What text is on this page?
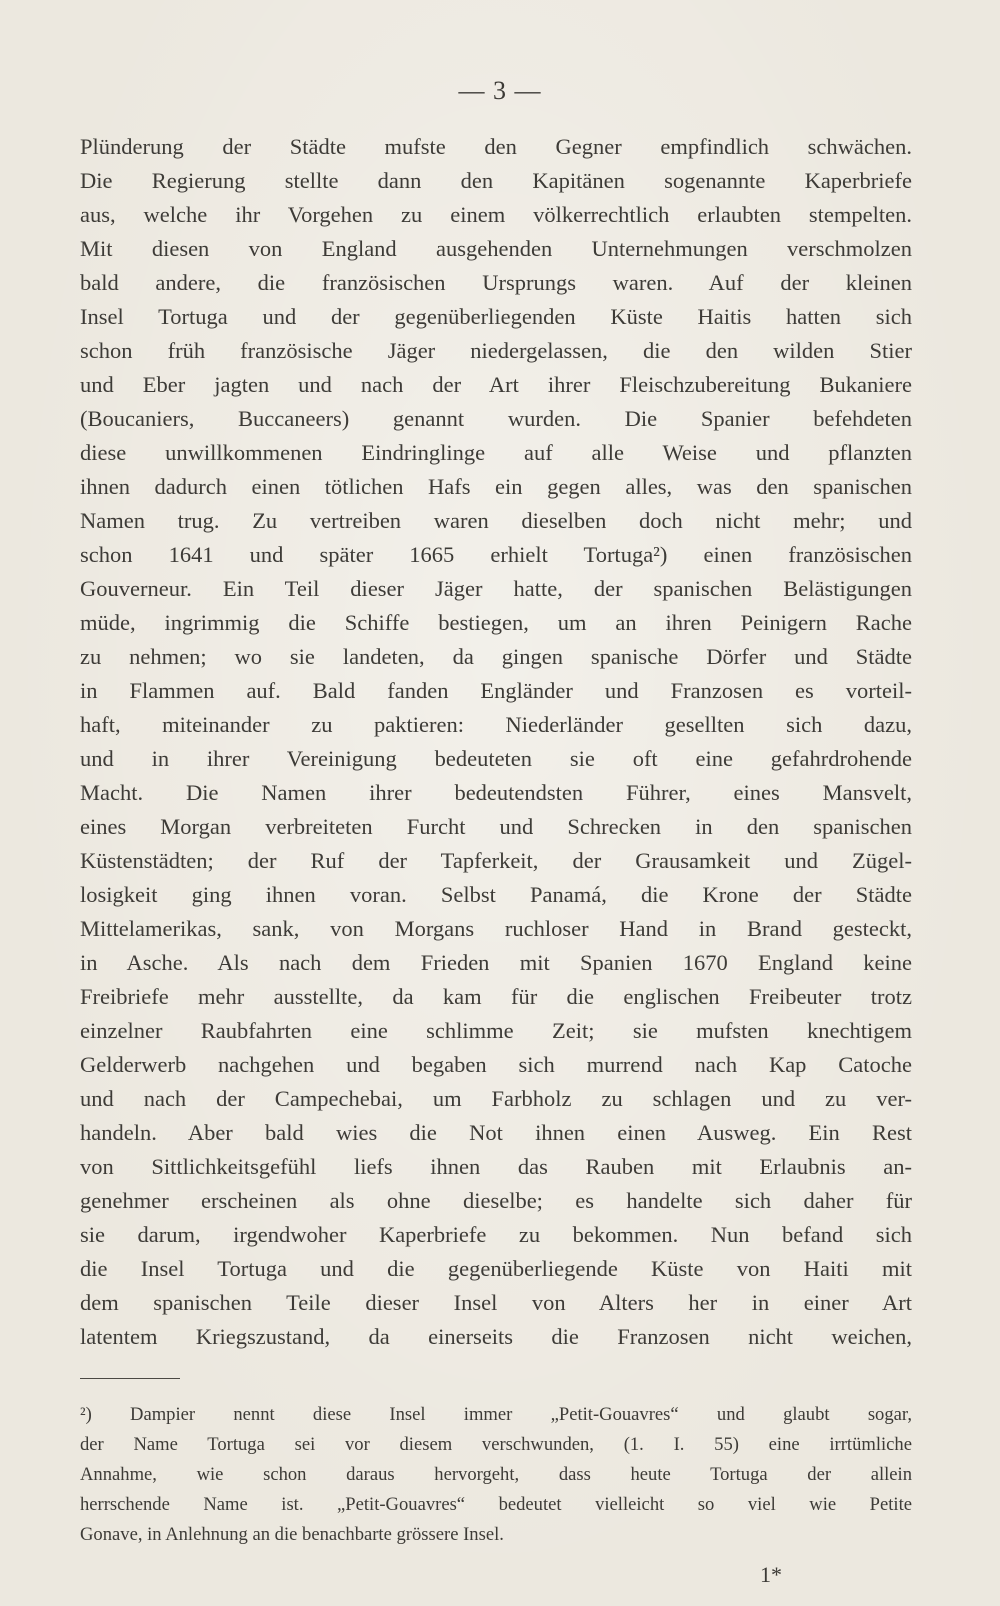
— 3 —
Plünderung der Städte mufste den Gegner empfindlich schwächen.
Die Regierung stellte dann den Kapitänen sogenannte Kaperbriefe
aus, welche ihr Vorgehen zu einem völkerrechtlich erlaubten stempelten.
Mit diesen von England ausgehenden Unternehmungen verschmolzen
bald andere, die französischen Ursprungs waren. Auf der kleinen
Insel Tortuga und der gegenüberliegenden Küste Haitis hatten sich
schon früh französische Jäger niedergelassen, die den wilden Stier
und Eber jagten und nach der Art ihrer Fleischzubereitung Bukaniere
(Boucaniers, Buccaneers) genannt wurden. Die Spanier befehdeten
diese unwillkommenen Eindringlinge auf alle Weise und pflanzten
ihnen dadurch einen tötlichen Hafs ein gegen alles, was den spanischen
Namen trug. Zu vertreiben waren dieselben doch nicht mehr; und
schon 1641 und später 1665 erhielt Tortuga²) einen französischen
Gouverneur. Ein Teil dieser Jäger hatte, der spanischen Belästigungen
müde, ingrimmig die Schiffe bestiegen, um an ihren Peinigern Rache
zu nehmen; wo sie landeten, da gingen spanische Dörfer und Städte
in Flammen auf. Bald fanden Engländer und Franzosen es vorteil-
haft, miteinander zu paktieren: Niederländer gesellten sich dazu,
und in ihrer Vereinigung bedeuteten sie oft eine gefahrdrohende
Macht. Die Namen ihrer bedeutendsten Führer, eines Mansvelt,
eines Morgan verbreiteten Furcht und Schrecken in den spanischen
Küstenstädten; der Ruf der Tapferkeit, der Grausamkeit und Zügel-
losigkeit ging ihnen voran. Selbst Panamá, die Krone der Städte
Mittelamerikas, sank, von Morgans ruchloser Hand in Brand gesteckt,
in Asche. Als nach dem Frieden mit Spanien 1670 England keine
Freibriefe mehr ausstellte, da kam für die englischen Freibeuter trotz
einzelner Raubfahrten eine schlimme Zeit; sie mufsten knechtigem
Gelderwerb nachgehen und begaben sich murrend nach Kap Catoche
und nach der Campechebai, um Farbholz zu schlagen und zu ver-
handeln. Aber bald wies die Not ihnen einen Ausweg. Ein Rest
von Sittlichkeitsgefühl liefs ihnen das Rauben mit Erlaubnis an-
genehmer erscheinen als ohne dieselbe; es handelte sich daher für
sie darum, irgendwoher Kaperbriefe zu bekommen. Nun befand sich
die Insel Tortuga und die gegenüberliegende Küste von Haiti mit
dem spanischen Teile dieser Insel von Alters her in einer Art
latentem Kriegszustand, da einerseits die Franzosen nicht weichen,
²) Dampier nennt diese Insel immer „Petit-Gouavres“ und glaubt sogar,
der Name Tortuga sei vor diesem verschwunden, (1. I. 55) eine irrtümliche
Annahme, wie schon daraus hervorgeht, dass heute Tortuga der allein
herrschende Name ist. „Petit-Gouavres“ bedeutet vielleicht so viel wie Petite
Gonave, in Anlehnung an die benachbarte grössere Insel.
1*
